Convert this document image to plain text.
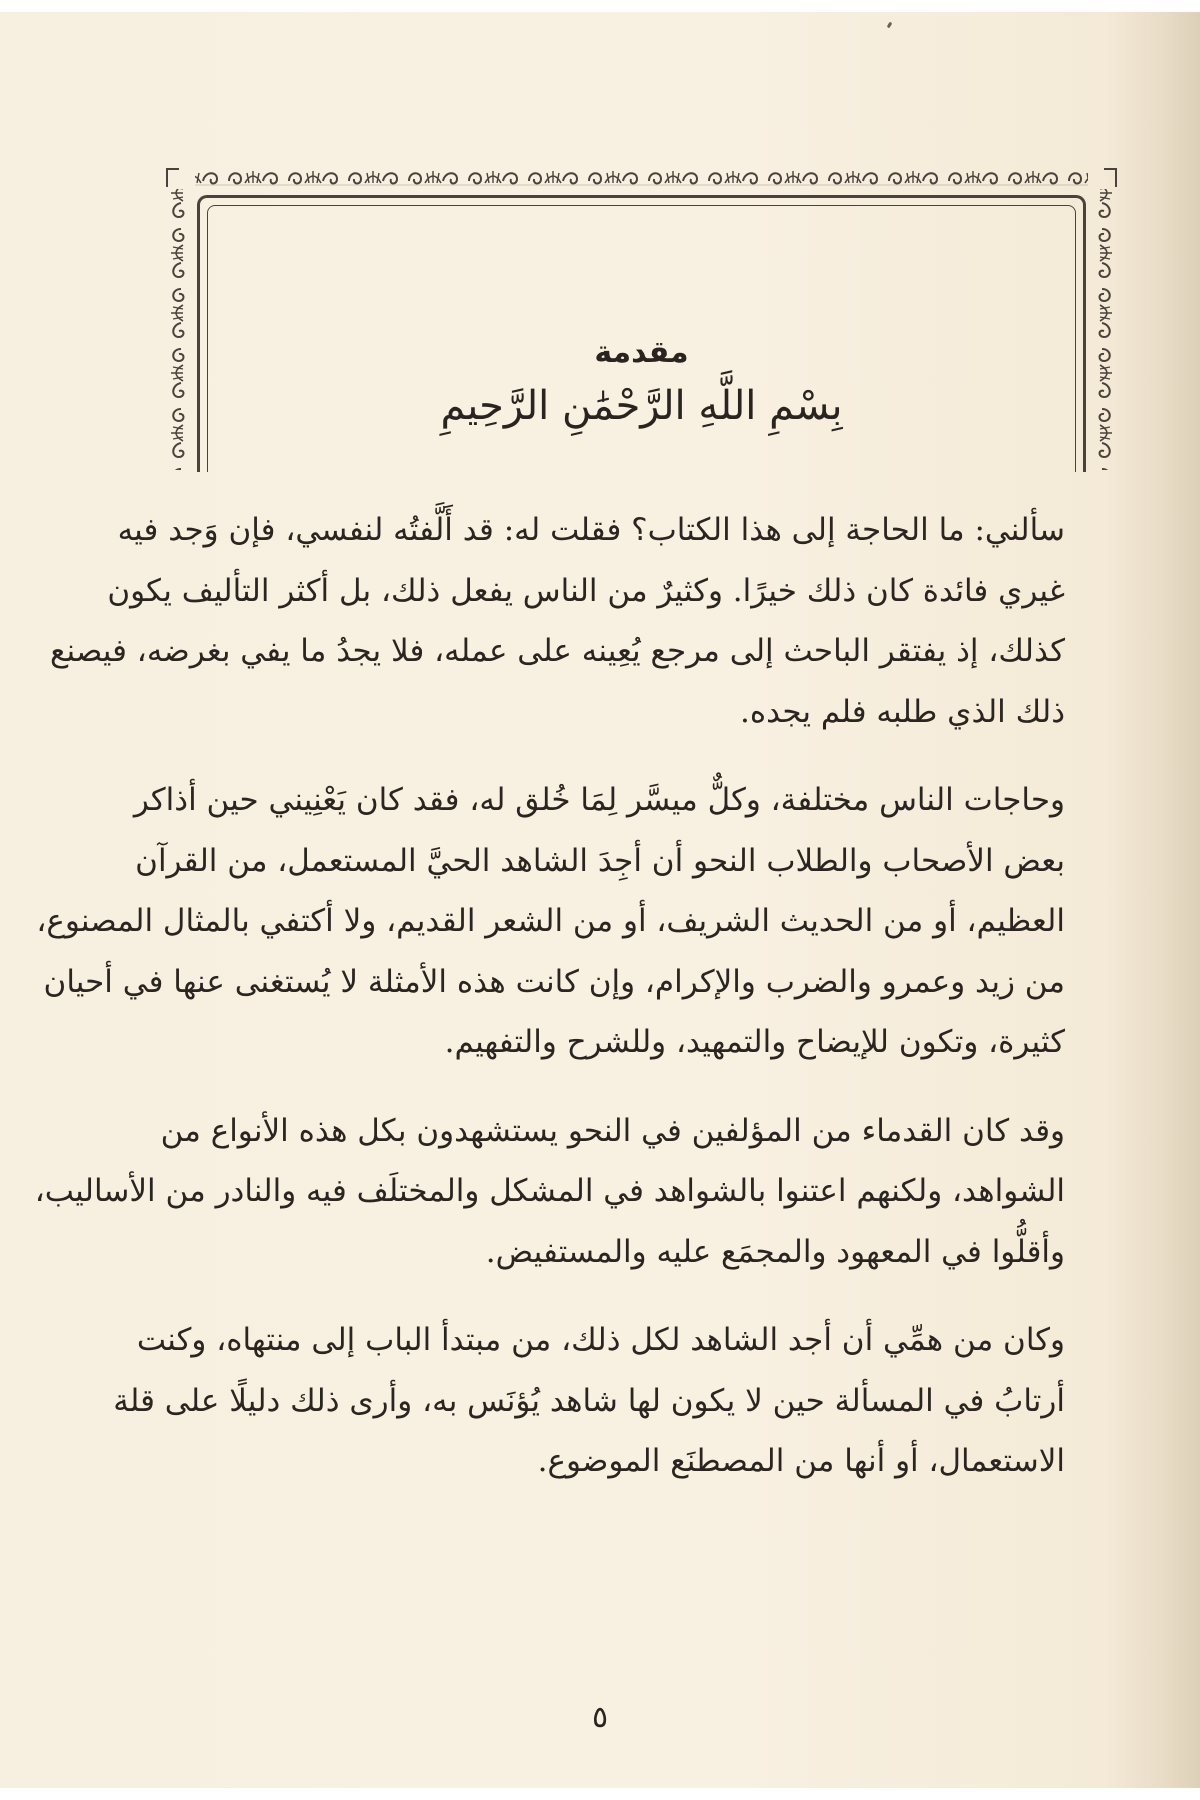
مقدمة
بِسْمِ اللَّهِ الرَّحْمَٰنِ الرَّحِيمِ

سألني: ما الحاجة إلى هذا الكتاب؟ فقلت له: قد أَلَّفتُه لنفسي، فإن وَجد فيه
غيري فائدة كان ذلك خيرًا. وكثيرٌ من الناس يفعل ذلك، بل أكثر التأليف يكون
كذلك، إذ يفتقر الباحث إلى مرجع يُعِينه على عمله، فلا يجدُ ما يفي بغرضه، فيصنع
ذلك الذي طلبه فلم يجده.

وحاجات الناس مختلفة، وكلٌّ ميسَّر لِمَا خُلق له، فقد كان يَعْنِيني حين أذاكر
بعض الأصحاب والطلاب النحو أن أجِدَ الشاهد الحيَّ المستعمل، من القرآن
العظيم، أو من الحديث الشريف، أو من الشعر القديم، ولا أكتفي بالمثال المصنوع،
من زيد وعمرو والضرب والإكرام، وإن كانت هذه الأمثلة لا يُستغنى عنها في أحيان
كثيرة، وتكون للإيضاح والتمهيد، وللشرح والتفهيم.

وقد كان القدماء من المؤلفين في النحو يستشهدون بكل هذه الأنواع من
الشواهد، ولكنهم اعتنوا بالشواهد في المشكل والمختلَف فيه والنادر من الأساليب،
وأقلُّوا في المعهود والمجمَع عليه والمستفيض.

وكان من همِّي أن أجد الشاهد لكل ذلك، من مبتدأ الباب إلى منتهاه، وكنت
أرتابُ في المسألة حين لا يكون لها شاهد يُؤنَس به، وأرى ذلك دليلًا على قلة
الاستعمال، أو أنها من المصطنَع الموضوع.

٥
